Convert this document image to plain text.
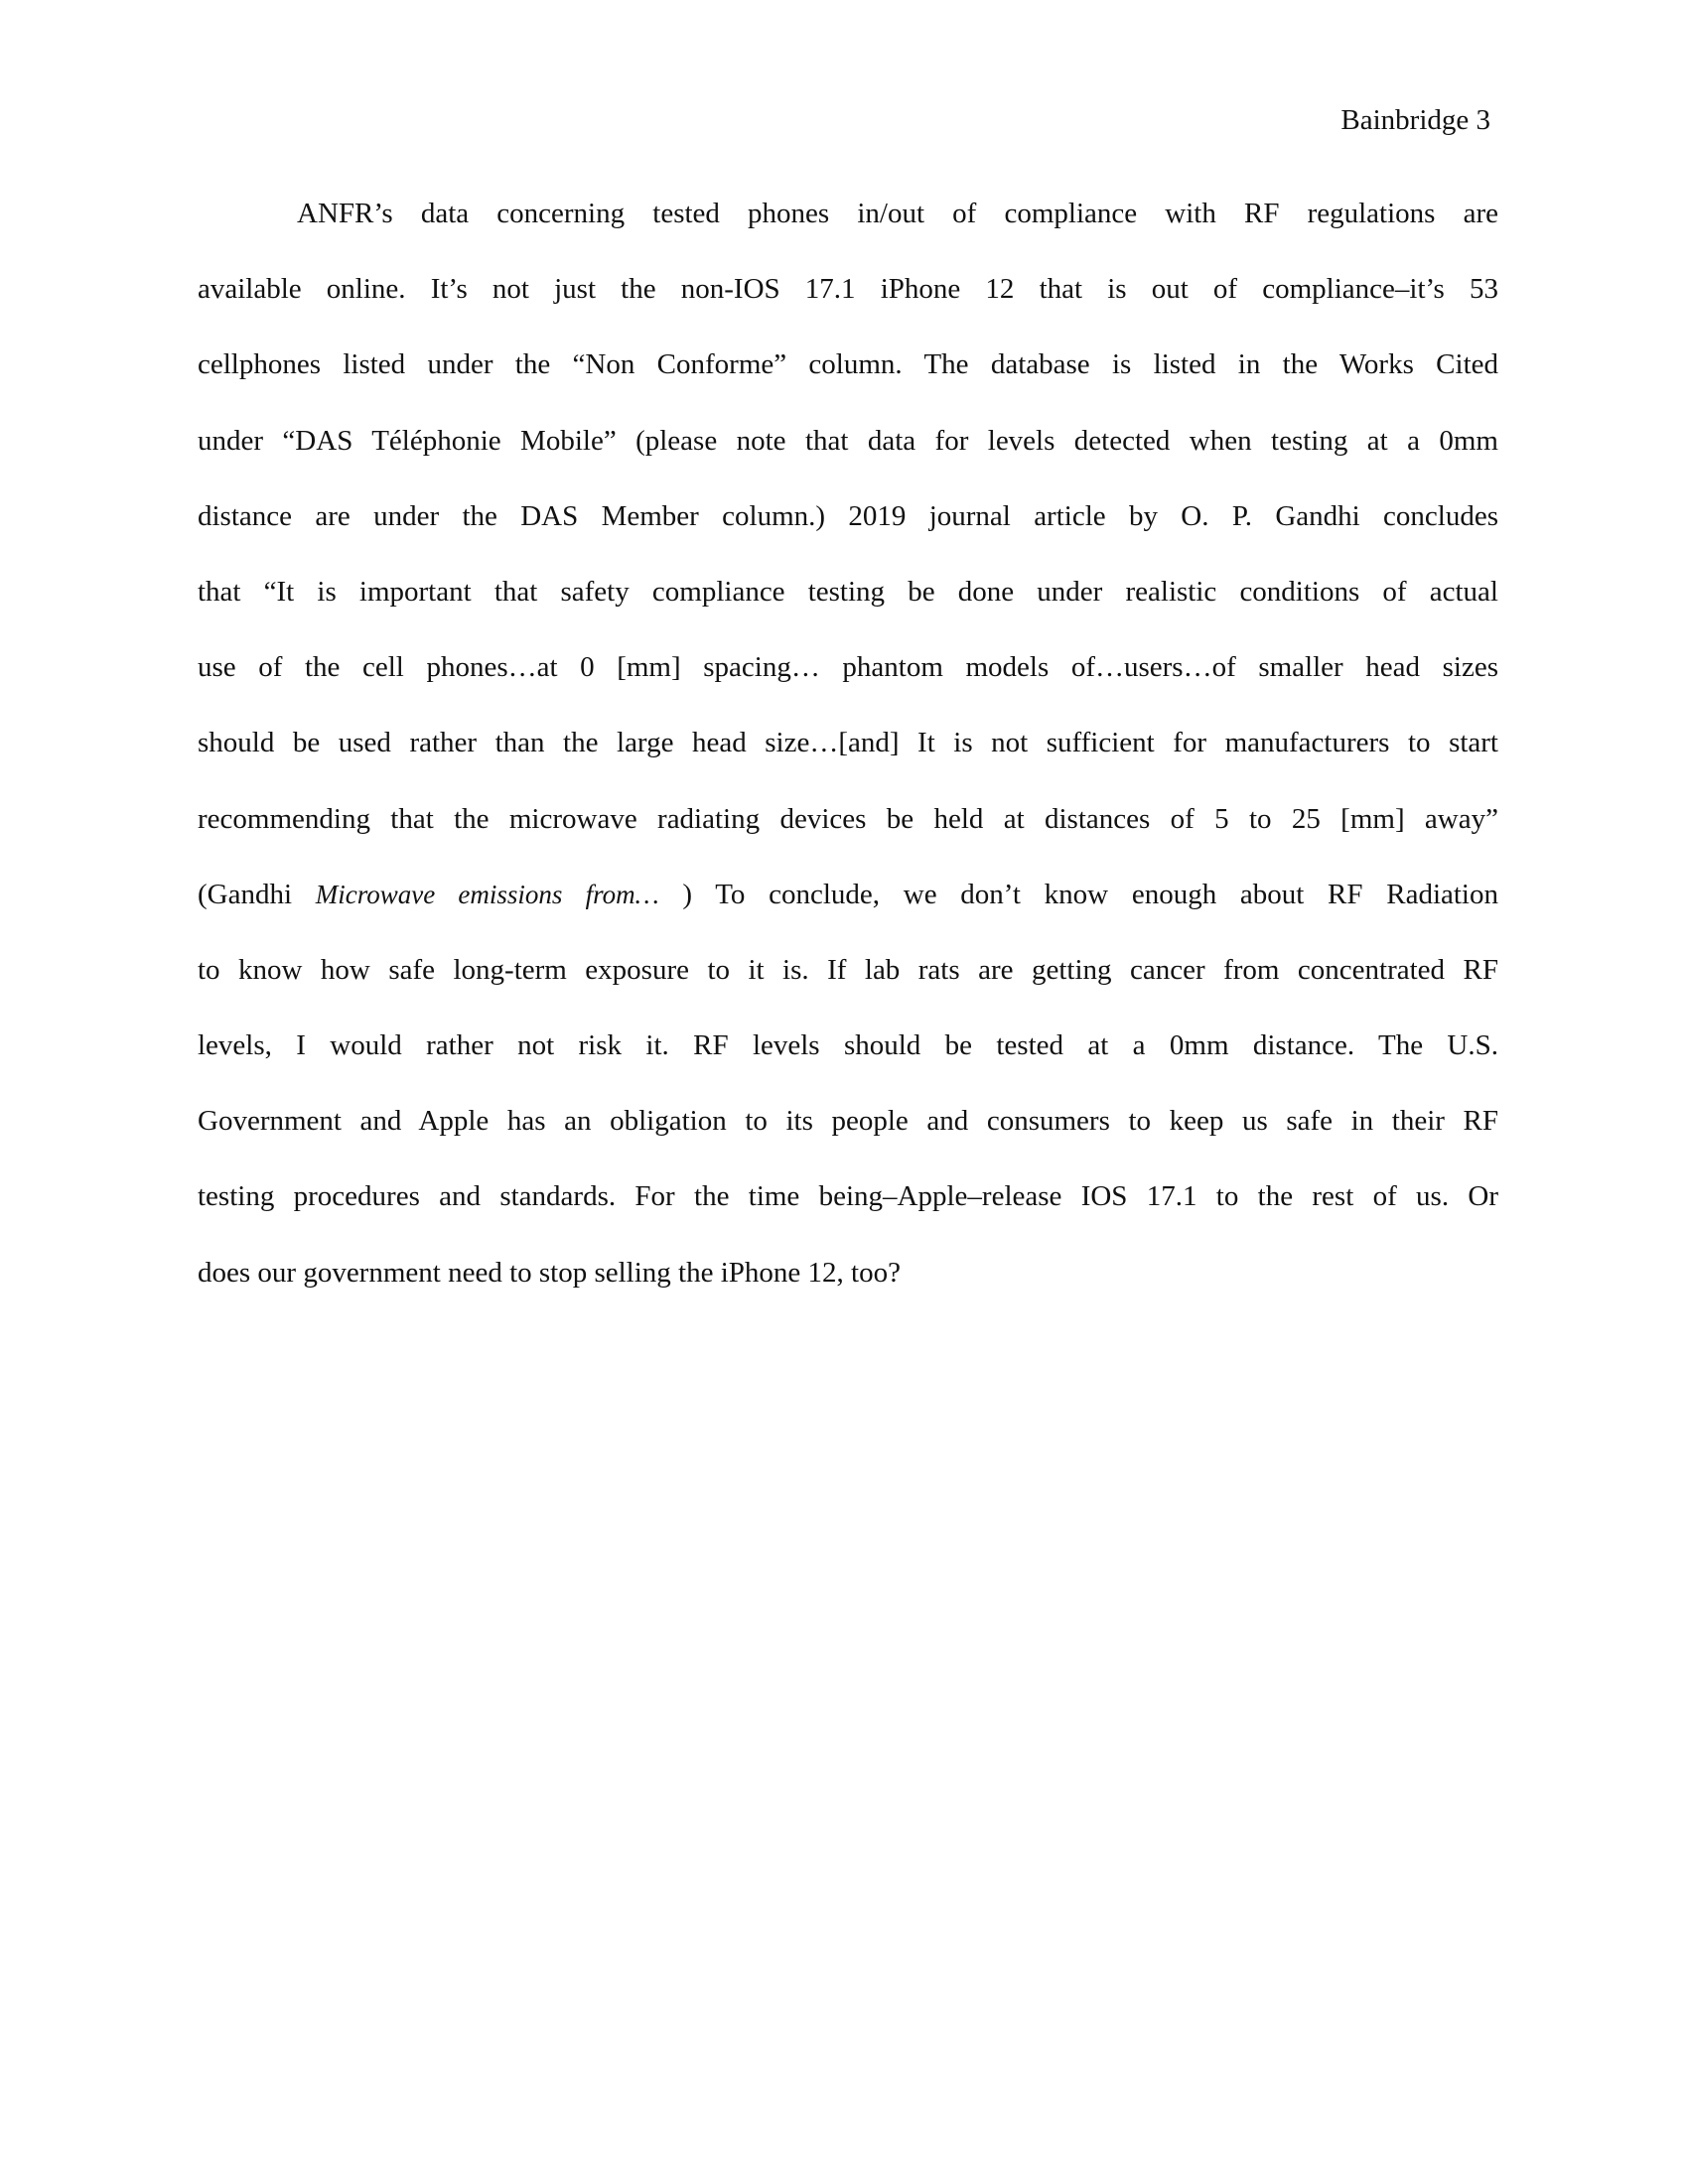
Bainbridge 3
ANFR’s data concerning tested phones in/out of compliance with RF regulations are
available online. It’s not just the non-IOS 17.1 iPhone 12 that is out of compliance–it’s 53
cellphones listed under the “Non Conforme” column. The database is listed in the Works Cited
under “DAS Téléphonie Mobile” (please note that data for levels detected when testing at a 0mm
distance are under the DAS Member column.) 2019 journal article by O. P. Gandhi concludes
that “It is important that safety compliance testing be done under realistic conditions of actual
use of the cell phones…at 0 [mm] spacing… phantom models of…users…of smaller head sizes
should be used rather than the large head size…[and] It is not sufficient for manufacturers to start
recommending that the microwave radiating devices be held at distances of 5 to 25 [mm] away”
(Gandhi Microwave emissions from… ) To conclude, we don’t know enough about RF Radiation
to know how safe long-term exposure to it is. If lab rats are getting cancer from concentrated RF
levels, I would rather not risk it. RF levels should be tested at a 0mm distance. The U.S.
Government and Apple has an obligation to its people and consumers to keep us safe in their RF
testing procedures and standards. For the time being–Apple–release IOS 17.1 to the rest of us. Or
does our government need to stop selling the iPhone 12, too?
